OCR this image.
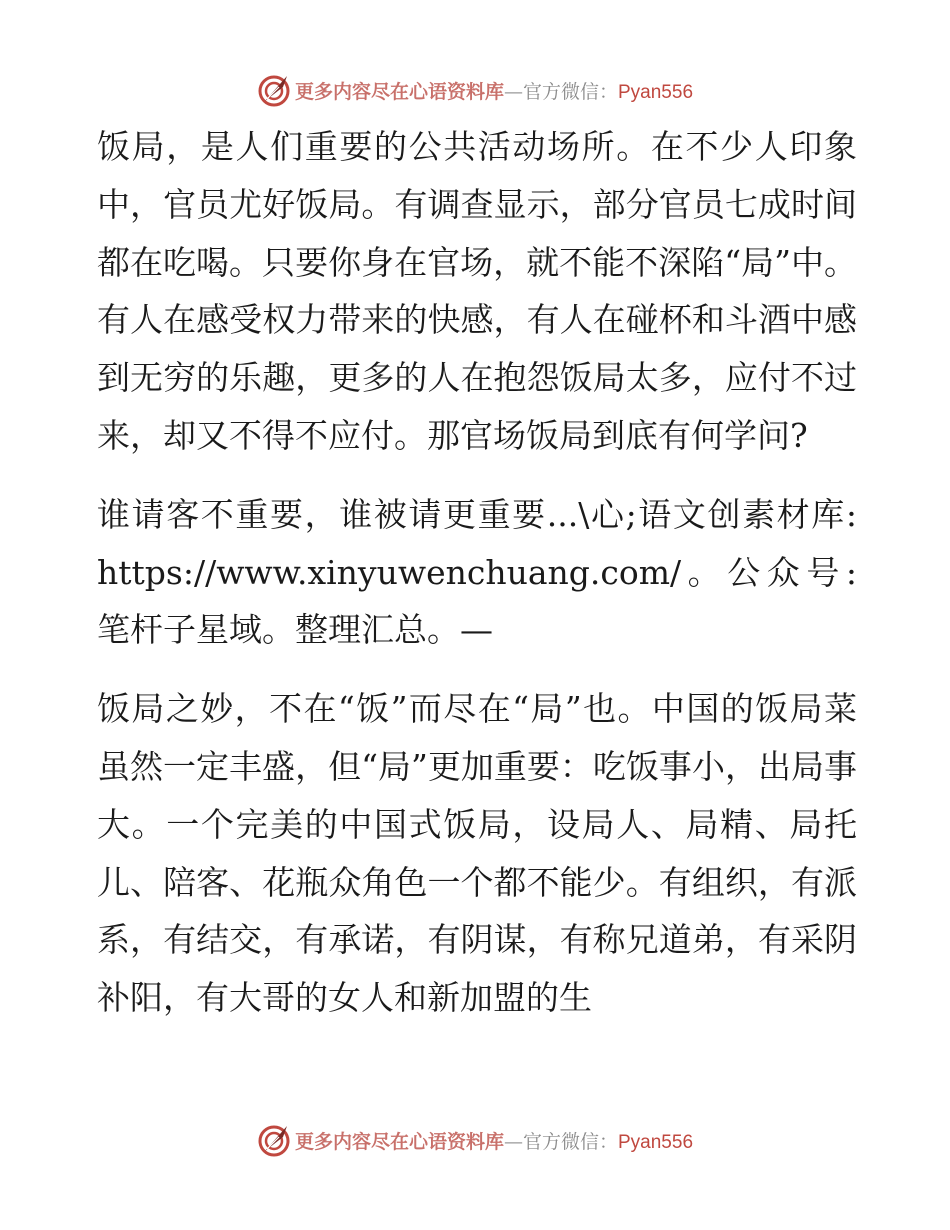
更多内容尽在心语资料库—官方微信：Pyan556

饭局，是人们重要的公共活动场所。在不少人印象中，官员尤好饭局。有调查显示，部分官员七成时间都在吃喝。只要你身在官场，就不能不深陷“局”中。有人在感受权力带来的快感，有人在碰杯和斗酒中感到无穷的乐趣，更多的人在抱怨饭局太多，应付不过来，却又不得不应付。那官场饭局到底有何学问?

谁请客不重要，谁被请更重要...\心;语文创素材库: https://www.xinyuwenchuang.com/。公众号: 笔杆子星域。整理汇总。—

饭局之妙，不在“饭”而尽在“局”也。中国的饭局菜虽然一定丰盛，但“局”更加重要：吃饭事小，出局事大。一个完美的中国式饭局，设局人、局精、局托儿、陪客、花瓶众角色一个都不能少。有组织，有派系，有结交，有承诺，有阴谋，有称兄道弟，有采阴补阳，有大哥的女人和新加盟的生

更多内容尽在心语资料库—官方微信：Pyan556
